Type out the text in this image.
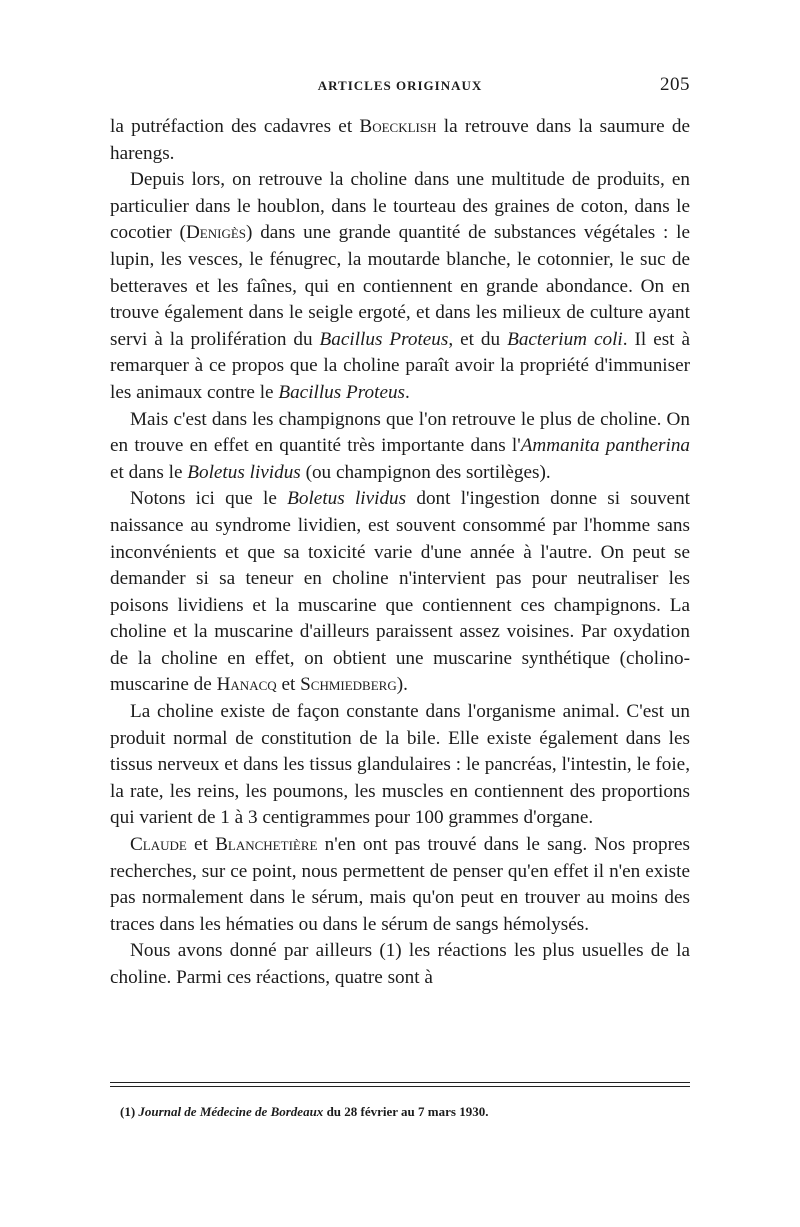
ARTICLES ORIGINAUX	205

la putréfaction des cadavres et Boecklish la retrouve dans la saumure de harengs.

Depuis lors, on retrouve la choline dans une multitude de produits, en particulier dans le houblon, dans le tourteau des graines de coton, dans le cocotier (Denigès) dans une grande quantité de substances végétales : le lupin, les vesces, le fénugrec, la moutarde blanche, le cotonnier, le suc de betteraves et les faînes, qui en contiennent en grande abondance. On en trouve également dans le seigle ergoté, et dans les milieux de culture ayant servi à la prolifération du Bacillus Proteus, et du Bacterium coli. Il est à remarquer à ce propos que la choline paraît avoir la propriété d'immuniser les animaux contre le Bacillus Proteus.

Mais c'est dans les champignons que l'on retrouve le plus de choline. On en trouve en effet en quantité très importante dans l'Ammanita pantherina et dans le Boletus lividus (ou champignon des sortilèges).

Notons ici que le Boletus lividus dont l'ingestion donne si souvent naissance au syndrome lividien, est souvent consommé par l'homme sans inconvénients et que sa toxicité varie d'une année à l'autre. On peut se demander si sa teneur en choline n'intervient pas pour neutraliser les poisons lividiens et la muscarine que contiennent ces champignons. La choline et la muscarine d'ailleurs paraissent assez voisines. Par oxydation de la choline en effet, on obtient une muscarine synthétique (cholino-muscarine de Hanacq et Schmiedberg).

La choline existe de façon constante dans l'organisme animal. C'est un produit normal de constitution de la bile. Elle existe également dans les tissus nerveux et dans les tissus glandulaires : le pancréas, l'intestin, le foie, la rate, les reins, les poumons, les muscles en contiennent des proportions qui varient de 1 à 3 centigrammes pour 100 grammes d'organe.

Claude et Blanchetière n'en ont pas trouvé dans le sang. Nos propres recherches, sur ce point, nous permettent de penser qu'en effet il n'en existe pas normalement dans le sérum, mais qu'on peut en trouver au moins des traces dans les hématies ou dans le sérum de sangs hémolysés.

Nous avons donné par ailleurs (1) les réactions les plus usuelles de la choline. Parmi ces réactions, quatre sont à

(1) Journal de Médecine de Bordeaux du 28 février au 7 mars 1930.
